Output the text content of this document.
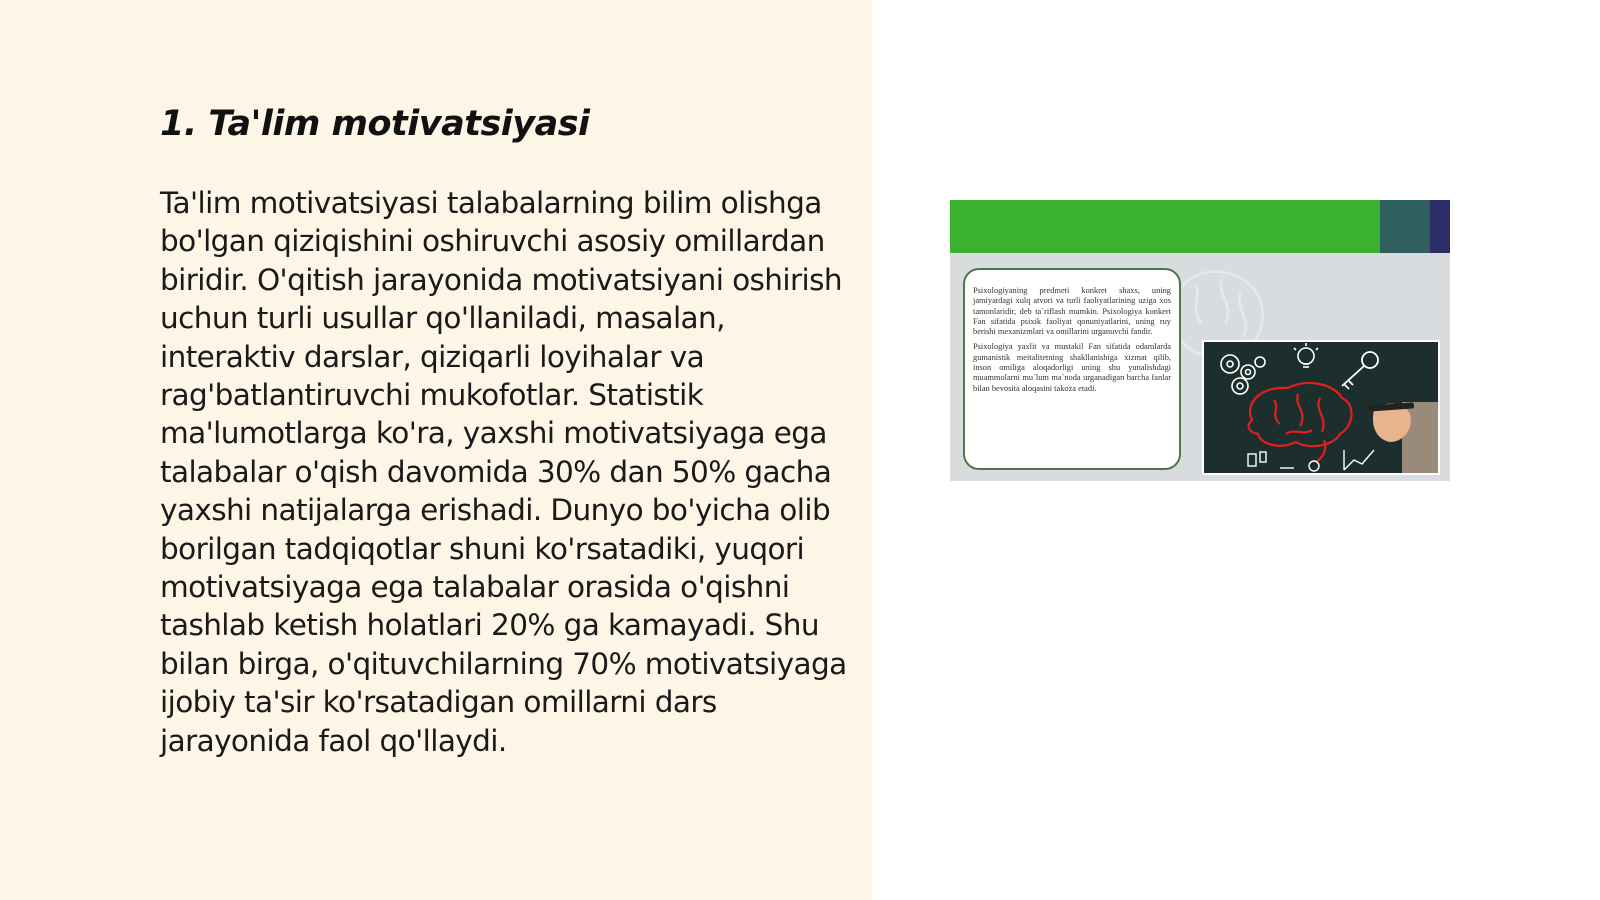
1. Ta'lim motivatsiyasi

Ta'lim motivatsiyasi talabalarning bilim olishga bo'lgan qiziqishini oshiruvchi asosiy omillardan biridir. O'qitish jarayonida motivatsiyani oshirish uchun turli usullar qo'llaniladi, masalan, interaktiv darslar, qiziqarli loyihalar va rag'batlantiruvchi mukofotlar. Statistik ma'lumotlarga ko'ra, yaxshi motivatsiyaga ega talabalar o'qish davomida 30% dan 50% gacha yaxshi natijalarga erishadi. Dunyo bo'yicha olib borilgan tadqiqotlar shuni ko'rsatadiki, yuqori motivatsiyaga ega talabalar orasida o'qishni tashlab ketish holatlari 20% ga kamayadi. Shu bilan birga, o'qituvchilarning 70% motivatsiyaga ijobiy ta'sir ko'rsatadigan omillarni dars jarayonida faol qo'llaydi.

Psixologiyaning predmeti konkret shaxs, uning jamiyatdagi xulq atvori va turli faoliyatlarining uziga xos tamonlaridir, deb ta`riflash mumkin. Psixologiya konkert Fan sifatida psixik faoliyat qonuniyatlarini, uning ruy berishi mexanizmlari va omillarini urganuvchi fandir.

Psixologiya yaxlit va mustakil Fan sifatida odamlarda gumanistik meitalitetning shakllanishiga xizmat qilib, inson omiliga aloqadorligi uning shu yunalishdagi muammolarni mu`lum ma`noda urganadigan barcha fanlar bilan bevosita aloqasini takoza etadi.
